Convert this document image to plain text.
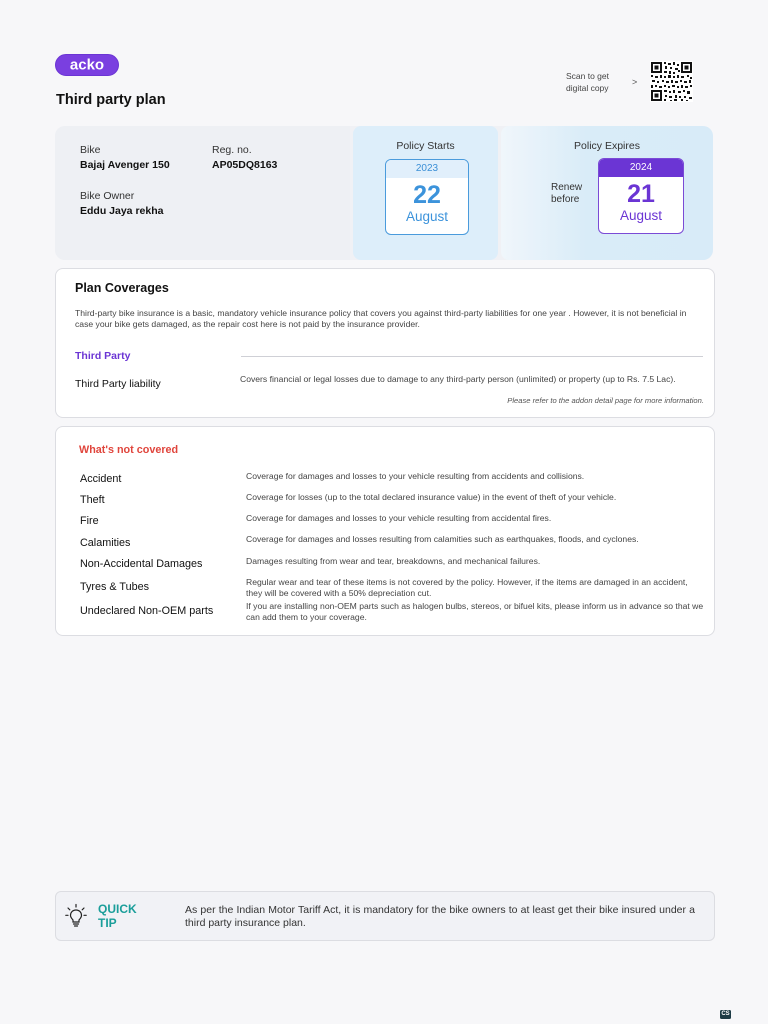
acko
Third party plan
Scan to get
digital copy
>
Bike
Bajaj Avenger 150
Reg. no.
AP05DQ8163
Bike Owner
Eddu Jaya rekha
Policy Starts
2023
22
August
Policy Expires
Renew
before
2024
21
August
Plan Coverages
Third-party bike insurance is a basic, mandatory vehicle insurance policy that covers you against third-party liabilities for one year . However, it is not beneficial in case your bike gets damaged, as the repair cost here is not paid by the insurance provider.
Third Party
Third Party liability	Covers financial or legal losses due to damage to any third-party person (unlimited) or property (up to Rs. 7.5 Lac).
Please refer to the addon detail page for more information.
What's not covered
Accident	Coverage for damages and losses to your vehicle resulting from accidents and collisions.
Theft	Coverage for losses (up to the total declared insurance value) in the event of theft of your vehicle.
Fire	Coverage for damages and losses to your vehicle resulting from accidental fires.
Calamities	Coverage for damages and losses resulting from calamities such as earthquakes, floods, and cyclones.
Non-Accidental Damages	Damages resulting from wear and tear, breakdowns, and mechanical failures.
Tyres & Tubes	Regular wear and tear of these items is not covered by the policy. However, if the items are damaged in an accident, they will be covered with a 50% depreciation cut.
Undeclared Non-OEM parts	If you are installing non-OEM parts such as halogen bulbs, stereos, or bifuel kits, please inform us in advance so that we can add them to your coverage.
QUICK
TIP
As per the Indian Motor Tariff Act, it is mandatory for the bike owners to at least get their bike insured under a third party insurance plan.
CS
